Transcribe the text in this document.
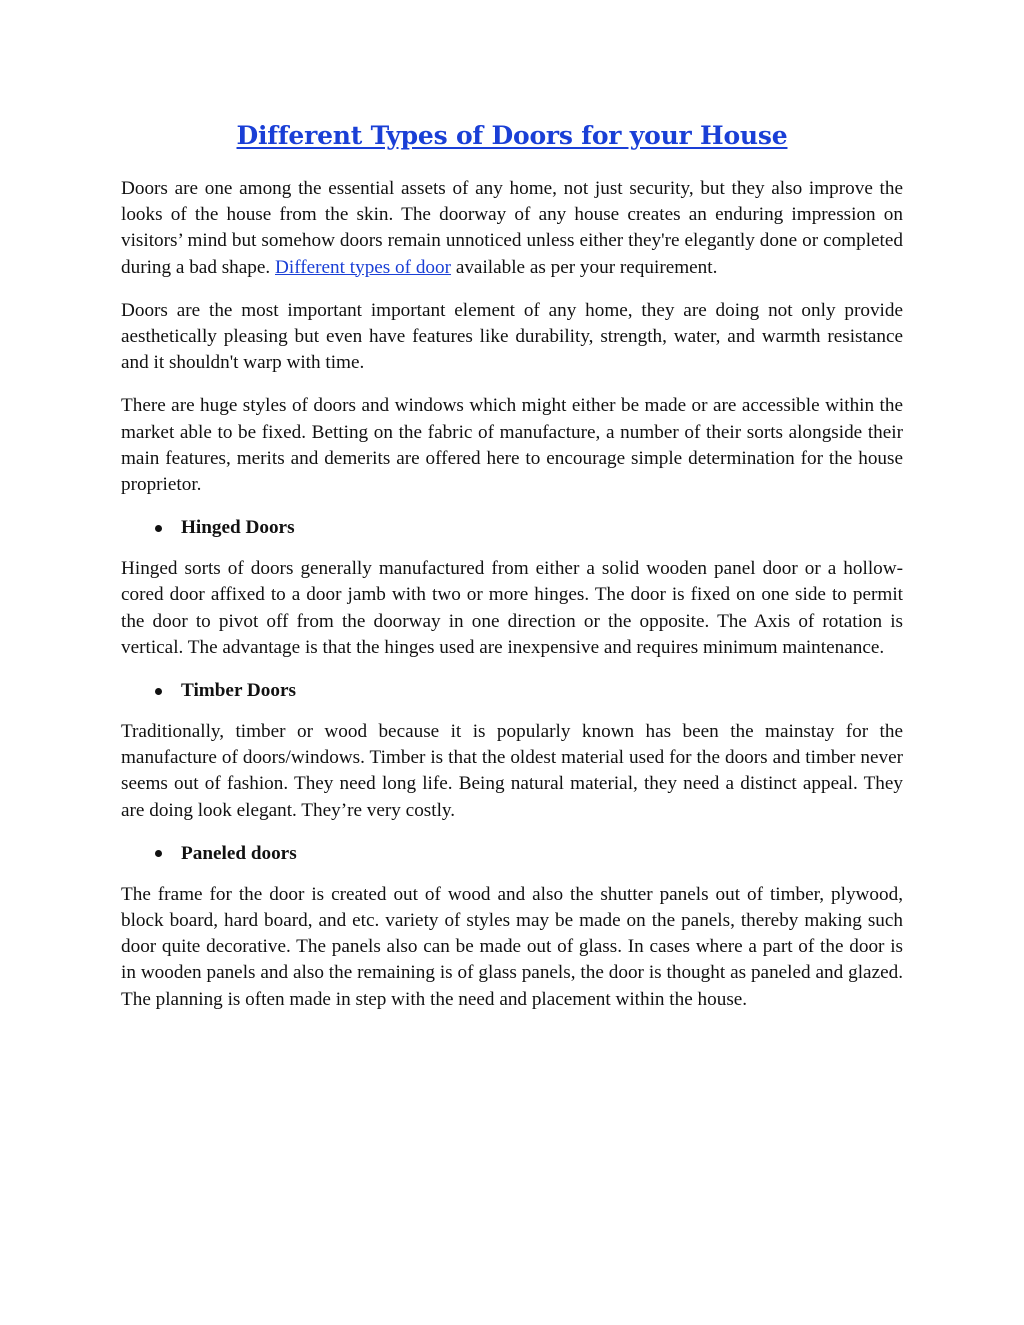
Different Types of Doors for your House

Doors are one among the essential assets of any home, not just security, but they also improve the looks of the house from the skin. The doorway of any house creates an enduring impression on visitors’ mind but somehow doors remain unnoticed unless either they're elegantly done or completed during a bad shape. Different types of door available as per your requirement.

Doors are the most important important element of any home, they are doing not only provide aesthetically pleasing but even have features like durability, strength, water, and warmth resistance and it shouldn't warp with time.

There are huge styles of doors and windows which might either be made or are accessible within the market able to be fixed. Betting on the fabric of manufacture, a number of their sorts alongside their main features, merits and demerits are offered here to encourage simple determination for the house proprietor.

Hinged Doors

Hinged sorts of doors generally manufactured from either a solid wooden panel door or a hollow-cored door affixed to a door jamb with two or more hinges. The door is fixed on one side to permit the door to pivot off from the doorway in one direction or the opposite. The Axis of rotation is vertical. The advantage is that the hinges used are inexpensive and requires minimum maintenance.

Timber Doors

Traditionally, timber or wood because it is popularly known has been the mainstay for the manufacture of doors/windows. Timber is that the oldest material used for the doors and timber never seems out of fashion. They need long life. Being natural material, they need a distinct appeal. They are doing look elegant. They’re very costly.

Paneled doors

The frame for the door is created out of wood and also the shutter panels out of timber, plywood, block board, hard board, and etc. variety of styles may be made on the panels, thereby making such door quite decorative. The panels also can be made out of glass. In cases where a part of the door is in wooden panels and also the remaining is of glass panels, the door is thought as paneled and glazed. The planning is often made in step with the need and placement within the house.
